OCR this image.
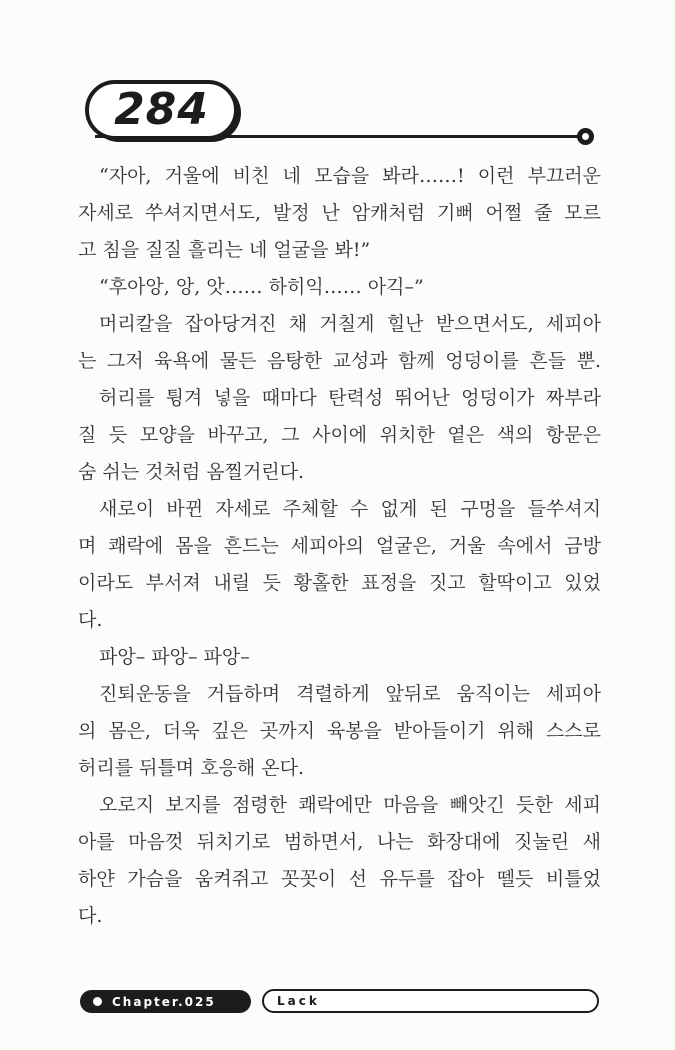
284
“자아, 거울에 비친 네 모습을 봐라……! 이런 부끄러운
자세로 쑤셔지면서도, 발정 난 암캐처럼 기뻐 어쩔 줄 모르
고 침을 질질 흘리는 네 얼굴을 봐!”
“후아앙, 앙, 앗…… 하히익…… 아긱–”
머리칼을 잡아당겨진 채 거칠게 힐난 받으면서도, 세피아
는 그저 육욕에 물든 음탕한 교성과 함께 엉덩이를 흔들 뿐.
허리를 튕겨 넣을 때마다 탄력성 뛰어난 엉덩이가 짜부라
질 듯 모양을 바꾸고, 그 사이에 위치한 옅은 색의 항문은
숨 쉬는 것처럼 옴찔거린다.
새로이 바뀐 자세로 주체할 수 없게 된 구멍을 들쑤셔지
며 쾌락에 몸을 흔드는 세피아의 얼굴은, 거울 속에서 금방
이라도 부서져 내릴 듯 황홀한 표정을 짓고 할딱이고 있었
다.
파앙– 파앙– 파앙–
진퇴운동을 거듭하며 격렬하게 앞뒤로 움직이는 세피아
의 몸은, 더욱 깊은 곳까지 육봉을 받아들이기 위해 스스로
허리를 뒤틀며 호응해 온다.
오로지 보지를 점령한 쾌락에만 마음을 빼앗긴 듯한 세피
아를 마음껏 뒤치기로 범하면서, 나는 화장대에 짓눌린 새
하얀 가슴을 움켜쥐고 꼿꼿이 선 유두를 잡아 뗄듯 비틀었
다.
Chapter.025	Lack
